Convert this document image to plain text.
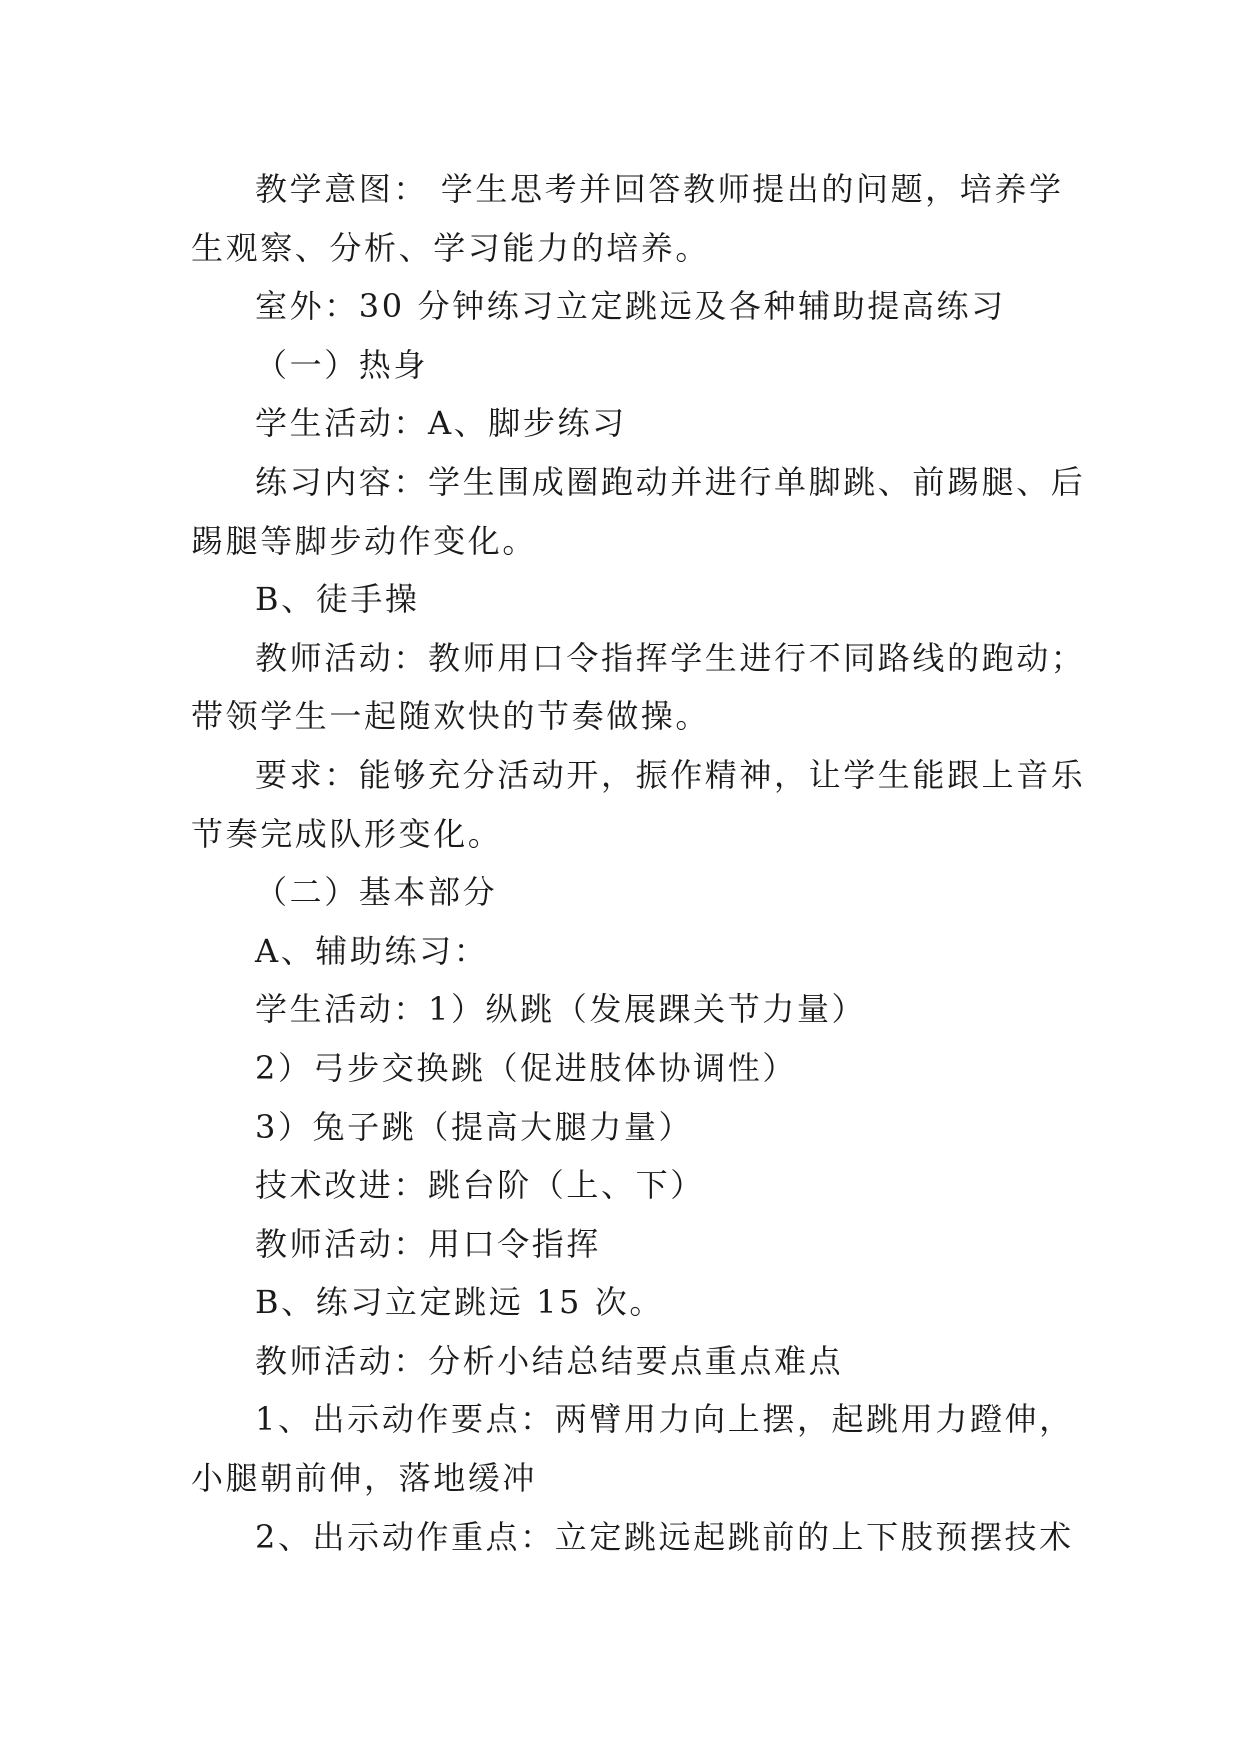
教学意图： 学生思考并回答教师提出的问题，培养学
生观察、分析、学习能力的培养。
室外：30 分钟练习立定跳远及各种辅助提高练习
（一）热身
学生活动：A、脚步练习
练习内容：学生围成圈跑动并进行单脚跳、前踢腿、后
踢腿等脚步动作变化。
B、徒手操
教师活动：教师用口令指挥学生进行不同路线的跑动；
带领学生一起随欢快的节奏做操。
要求：能够充分活动开，振作精神，让学生能跟上音乐
节奏完成队形变化。
（二）基本部分
A、辅助练习：
学生活动：1）纵跳（发展踝关节力量）
2）弓步交换跳（促进肢体协调性）
3）兔子跳（提高大腿力量）
技术改进：跳台阶（上、下）
教师活动：用口令指挥
B、练习立定跳远 15 次。
教师活动：分析小结总结要点重点难点
1、出示动作要点：两臂用力向上摆，起跳用力蹬伸，
小腿朝前伸，落地缓冲
2、出示动作重点：立定跳远起跳前的上下肢预摆技术
